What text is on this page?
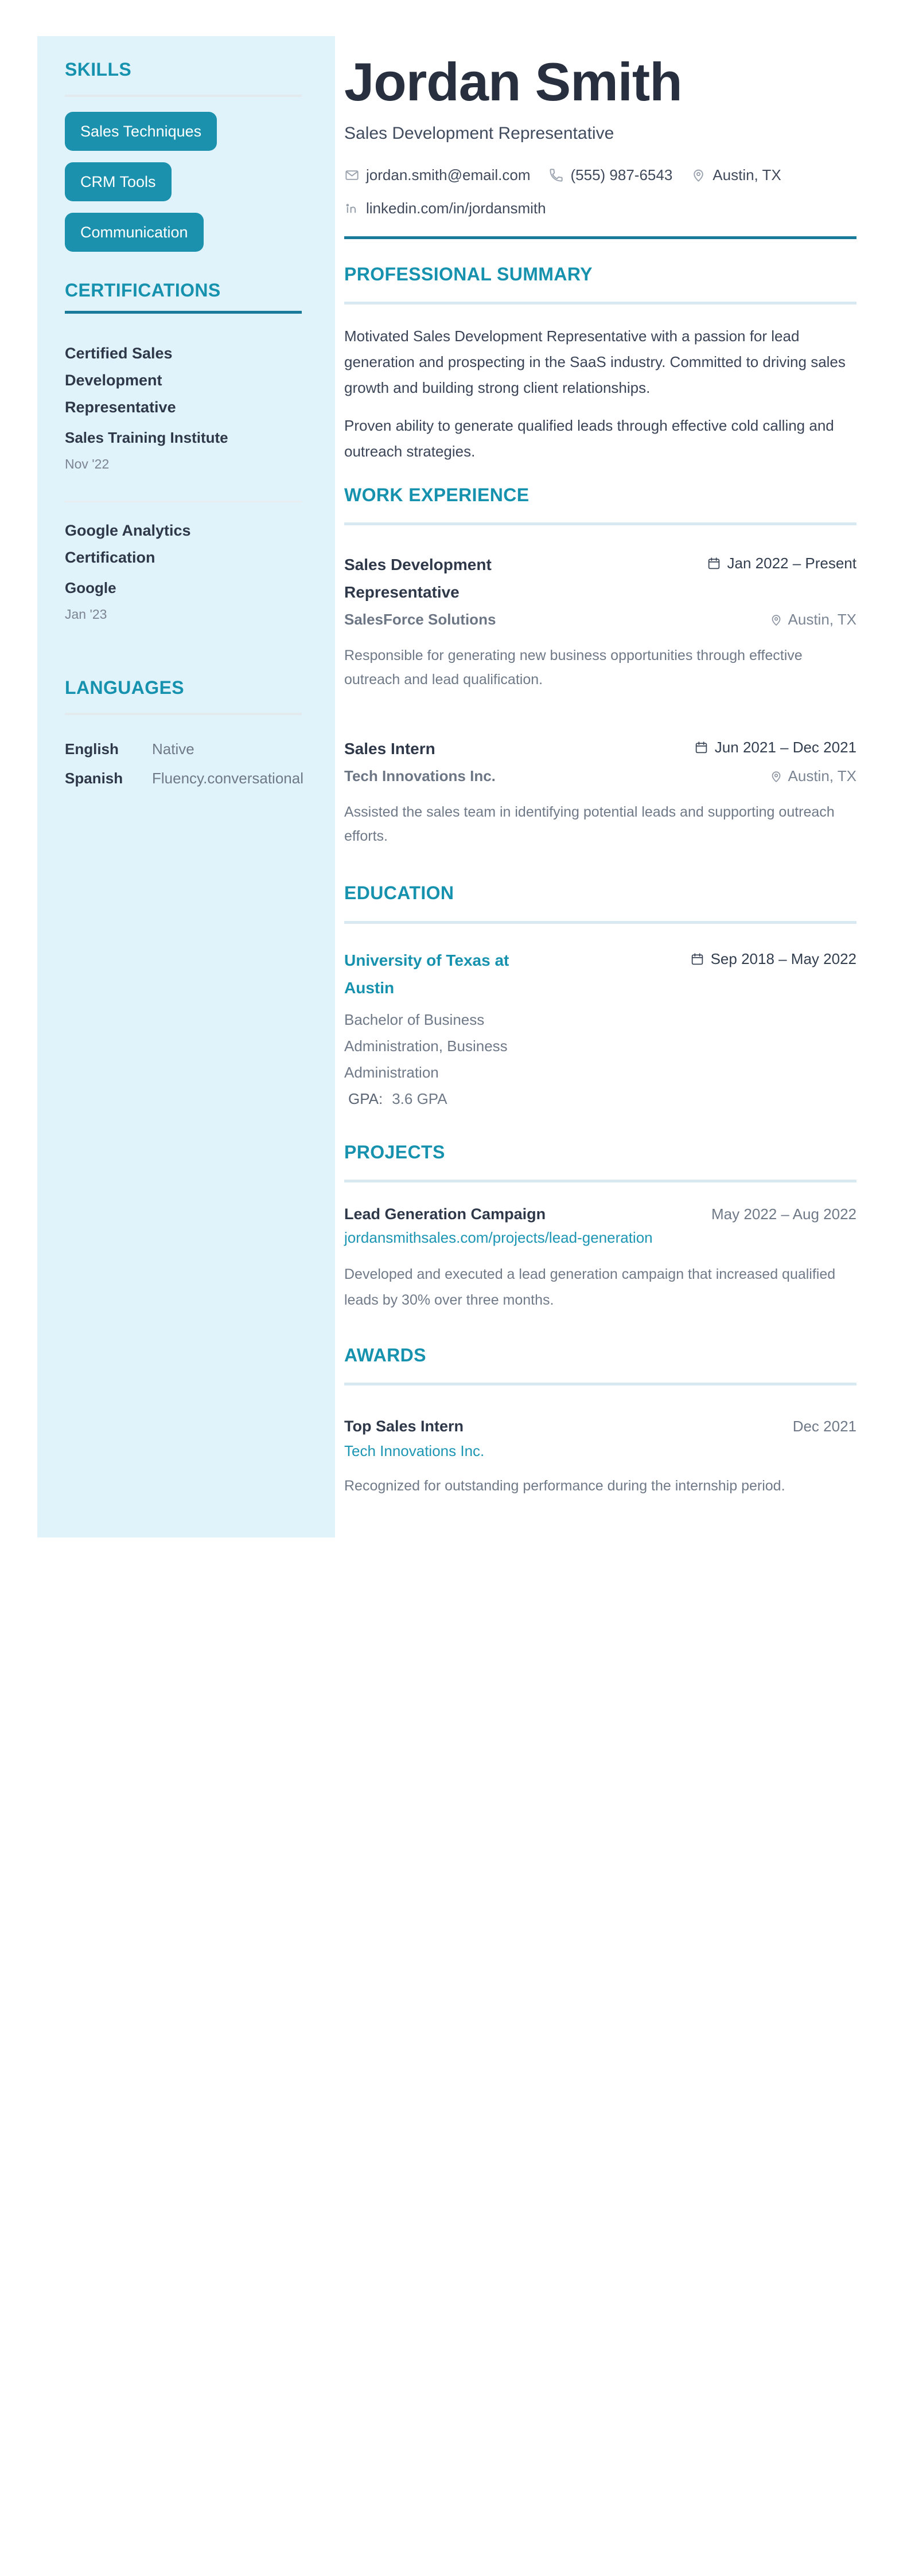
SKILLS
Sales Techniques
CRM Tools
Communication
CERTIFICATIONS
Certified Sales Development Representative
Sales Training Institute
Nov '22
Google Analytics Certification
Google
Jan '23
LANGUAGES
English	Native
Spanish	Fluency.conversational
Jordan Smith
Sales Development Representative
jordan.smith@email.com	(555) 987-6543	Austin, TX
linkedin.com/in/jordansmith
PROFESSIONAL SUMMARY

Motivated Sales Development Representative with a passion for lead generation and prospecting in the SaaS industry. Committed to driving sales growth and building strong client relationships.

Proven ability to generate qualified leads through effective cold calling and outreach strategies.

WORK EXPERIENCE
Sales Development Representative
Jan 2022 – Present
SalesForce Solutions	Austin, TX

Responsible for generating new business opportunities through effective outreach and lead qualification.

Sales Intern	Jun 2021 – Dec 2021
Tech Innovations Inc.	Austin, TX

Assisted the sales team in identifying potential leads and supporting outreach efforts.

EDUCATION
University of Texas at Austin
Sep 2018 – May 2022
Bachelor of Business Administration, Business Administration
GPA: 3.6 GPA
PROJECTS
Lead Generation Campaign	May 2022 – Aug 2022
jordansmithsales.com/projects/lead-generation

Developed and executed a lead generation campaign that increased qualified leads by 30% over three months.

AWARDS
Top Sales Intern	Dec 2021
Tech Innovations Inc.

Recognized for outstanding performance during the internship period.
